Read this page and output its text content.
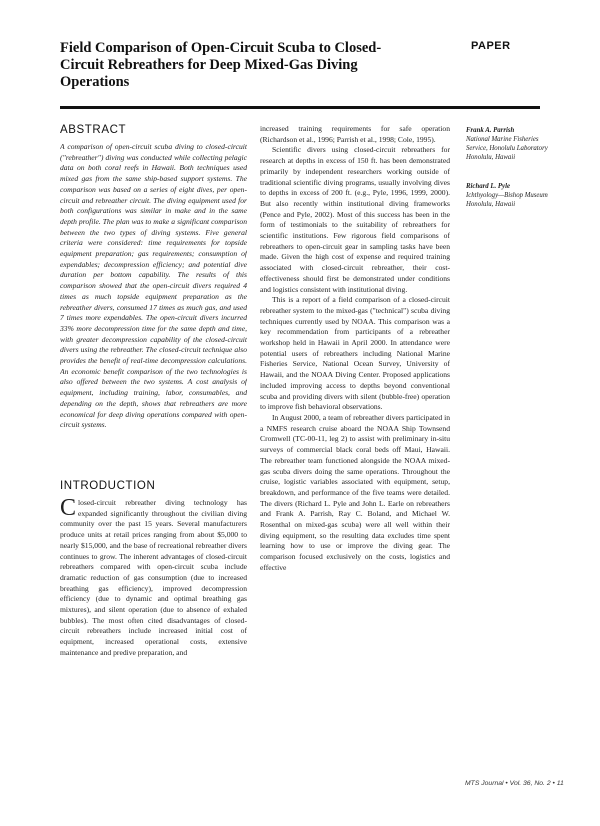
Field Comparison of Open-Circuit Scuba to Closed-Circuit Rebreathers for Deep Mixed-Gas Diving Operations
PAPER
ABSTRACT

A comparison of open-circuit scuba diving to closed-circuit ("rebreather") diving was conducted while collecting pelagic data on both coral reefs in Hawaii. Both techniques used mixed gas from the same ship-based support systems. The comparison was based on a series of eight dives, per open-circuit and rebreather circuit. The diving equipment used for both configurations was similar in make and in the same depth profile. The plan was to make a significant comparison between the two types of diving systems. Five general criteria were considered: time requirements for topside equipment preparation; gas requirements; consumption of expendables; decompression efficiency; and potential dive duration per bottom capability. The results of this comparison showed that the open-circuit divers required 4 times as much topside equipment preparation as the rebreather divers, consumed 17 times as much gas, and used 7 times more expendables. The open-circuit divers incurred 33% more decompression time for the same depth and time, with greater decompression capability of the closed-circuit divers using the rebreather. The closed-circuit technique also provides the benefit of real-time decompression calculations. An economic benefit comparison of the two technologies is also offered between the two systems. A cost analysis of equipment, including training, labor, consumables, and depending on the depth, shows that rebreathers are more economical for deep diving operations compared with open-circuit systems.

INTRODUCTION

Closed-circuit rebreather diving technology has expanded significantly throughout the civilian diving community over the past 15 years. Several manufacturers produce units at retail prices ranging from about $5,000 to nearly $15,000, and the base of recreational rebreather divers continues to grow. The inherent advantages of closed-circuit rebreathers compared with open-circuit scuba include dramatic reduction of gas consumption (due to increased breathing gas efficiency), improved decompression efficiency (due to dynamic and optimal breathing gas mixtures), and silent operation (due to absence of exhaled bubbles). The most often cited disadvantages of closed-circuit rebreathers include increased initial cost of equipment, increased operational costs, extensive maintenance and predive preparation, and

increased training requirements for safe operation (Richardson et al., 1996; Parrish et al., 1998; Cole, 1995).

Scientific divers using closed-circuit rebreathers for research at depths in excess of 150 ft. has been demonstrated primarily by independent researchers working outside of traditional scientific diving programs, usually involving dives to depths in excess of 200 ft. (e.g., Pyle, 1996, 1999, 2000). But also recently within institutional diving frameworks (Pence and Pyle, 2002). Most of this success has been in the form of testimonials to the suitability of rebreathers for scientific institutions. Few rigorous field comparisons of rebreathers to open-circuit gear in sampling tasks have been made. Given the high cost of expense and required training associated with closed-circuit rebreather, their cost-effectiveness should first be demonstrated under conditions and logistics consistent with institutional diving.

This is a report of a field comparison of a closed-circuit rebreather system to the mixed-gas ("technical") scuba diving techniques currently used by NOAA. This comparison was a key recommendation from participants of a rebreather workshop held in Hawaii in April 2000. In attendance were potential users of rebreathers including National Marine Fisheries Service, National Ocean Survey, University of Hawaii, and the NOAA Diving Center. Proposed applications included improving access to depths beyond conventional scuba and providing divers with silent (bubble-free) operation to improve fish behavioral observations.

In August 2000, a team of rebreather divers participated in a NMFS research cruise aboard the NOAA Ship Townsend Cromwell (TC-00-11, leg 2) to assist with preliminary in-situ surveys of commercial black coral beds off Maui, Hawaii. The rebreather team functioned alongside the NOAA mixed-gas scuba divers doing the same operations. Throughout the cruise, logistic variables associated with equipment, setup, breakdown, and performance of the five teams were detailed. The divers (Richard L. Pyle and John L. Earle on rebreathers and Frank A. Parrish, Ray C. Boland, and Michael W. Rosenthal on mixed-gas scuba) were all well within their diving equipment, so the resulting data excludes time spent learning how to use or improve the diving gear. The comparison focused exclusively on the costs, logistics and effective

Frank A. Parrish
National Marine Fisheries Service, Honolulu Laboratory
Honolulu, Hawaii
Richard L. Pyle
Ichthyology—Bishop Museum
Honolulu, Hawaii
MTS Journal • Vol. 36, No. 2 • 11
